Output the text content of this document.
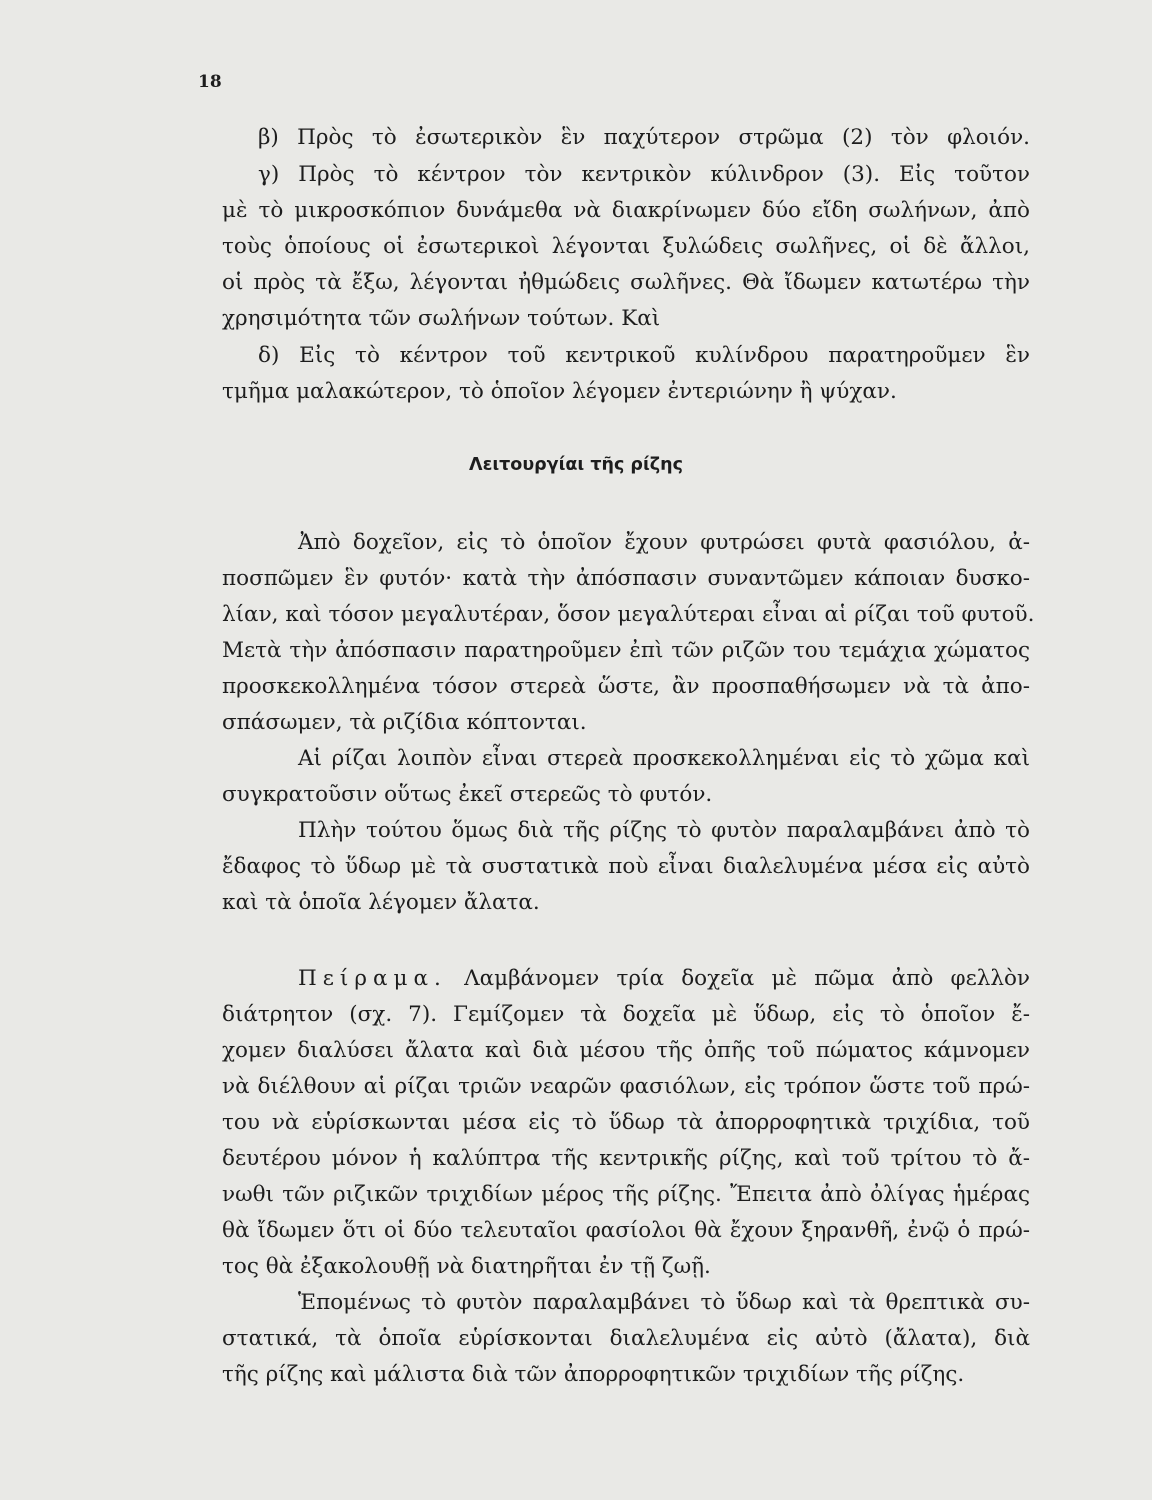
18
β) Πρὸς τὸ ἐσωτερικὸν ἓν παχύτερον στρῶμα (2) τὸν φλοιόν.
γ) Πρὸς τὸ κέντρον τὸν κεντρικὸν κύλινδρον (3). Εἰς τοῦτον
μὲ τὸ μικροσκόπιον δυνάμεθα νὰ διακρίνωμεν δύο εἴδη σωλήνων, ἀπὸ
τοὺς ὁποίους οἱ ἐσωτερικοὶ λέγονται ξυλώδεις σωλῆνες, οἱ δὲ ἄλλοι,
οἱ πρὸς τὰ ἔξω, λέγονται ἠθμώδεις σωλῆνες. Θὰ ἴδωμεν κατωτέρω τὴν
χρησιμότητα τῶν σωλήνων τούτων. Καὶ
δ) Εἰς τὸ κέντρον τοῦ κεντρικοῦ κυλίνδρου παρατηροῦμεν ἓν
τμῆμα μαλακώτερον, τὸ ὁποῖον λέγομεν ἐντεριώνην ἢ ψύχαν.
Λειτουργίαι τῆς ρίζης
Ἀπὸ δοχεῖον, εἰς τὸ ὁποῖον ἔχουν φυτρώσει φυτὰ φασιόλου, ἀ-
ποσπῶμεν ἓν φυτόν· κατὰ τὴν ἀπόσπασιν συναντῶμεν κάποιαν δυσκο-
λίαν, καὶ τόσον μεγαλυτέραν, ὅσον μεγαλύτεραι εἶναι αἱ ρίζαι τοῦ φυτοῦ.
Μετὰ τὴν ἀπόσπασιν παρατηροῦμεν ἐπὶ τῶν ριζῶν του τεμάχια χώματος
προσκεκολλημένα τόσον στερεὰ ὥστε, ἂν προσπαθήσωμεν νὰ τὰ ἀπο-
σπάσωμεν, τὰ ριζίδια κόπτονται.
Αἱ ρίζαι λοιπὸν εἶναι στερεὰ προσκεκολλημέναι εἰς τὸ χῶμα καὶ
συγκρατοῦσιν οὕτως ἐκεῖ στερεῶς τὸ φυτόν.
Πλὴν τούτου ὅμως διὰ τῆς ρίζης τὸ φυτὸν παραλαμβάνει ἀπὸ τὸ
ἔδαφος τὸ ὕδωρ μὲ τὰ συστατικὰ ποὺ εἶναι διαλελυμένα μέσα εἰς αὐτὸ
καὶ τὰ ὁποῖα λέγομεν ἄλατα.
Πείραμα. Λαμβάνομεν τρία δοχεῖα μὲ πῶμα ἀπὸ φελλὸν
διάτρητον (σχ. 7). Γεμίζομεν τὰ δοχεῖα μὲ ὕδωρ, εἰς τὸ ὁποῖον ἔ-
χομεν διαλύσει ἄλατα καὶ διὰ μέσου τῆς ὀπῆς τοῦ πώματος κάμνομεν
νὰ διέλθουν αἱ ρίζαι τριῶν νεαρῶν φασιόλων, εἰς τρόπον ὥστε τοῦ πρώ-
του νὰ εὑρίσκωνται μέσα εἰς τὸ ὕδωρ τὰ ἀπορροφητικὰ τριχίδια, τοῦ
δευτέρου μόνον ἡ καλύπτρα τῆς κεντρικῆς ρίζης, καὶ τοῦ τρίτου τὸ ἄ-
νωθι τῶν ριζικῶν τριχιδίων μέρος τῆς ρίζης. Ἔπειτα ἀπὸ ὀλίγας ἡμέρας
θὰ ἴδωμεν ὅτι οἱ δύο τελευταῖοι φασίολοι θὰ ἔχουν ξηρανθῆ, ἐνῷ ὁ πρώ-
τος θὰ ἐξακολουθῇ νὰ διατηρῆται ἐν τῇ ζωῇ.
Ἑπομένως τὸ φυτὸν παραλαμβάνει τὸ ὕδωρ καὶ τὰ θρεπτικὰ συ-
στατικά, τὰ ὁποῖα εὑρίσκονται διαλελυμένα εἰς αὐτὸ (ἄλατα), διὰ
τῆς ρίζης καὶ μάλιστα διὰ τῶν ἀπορροφητικῶν τριχιδίων τῆς ρίζης.
